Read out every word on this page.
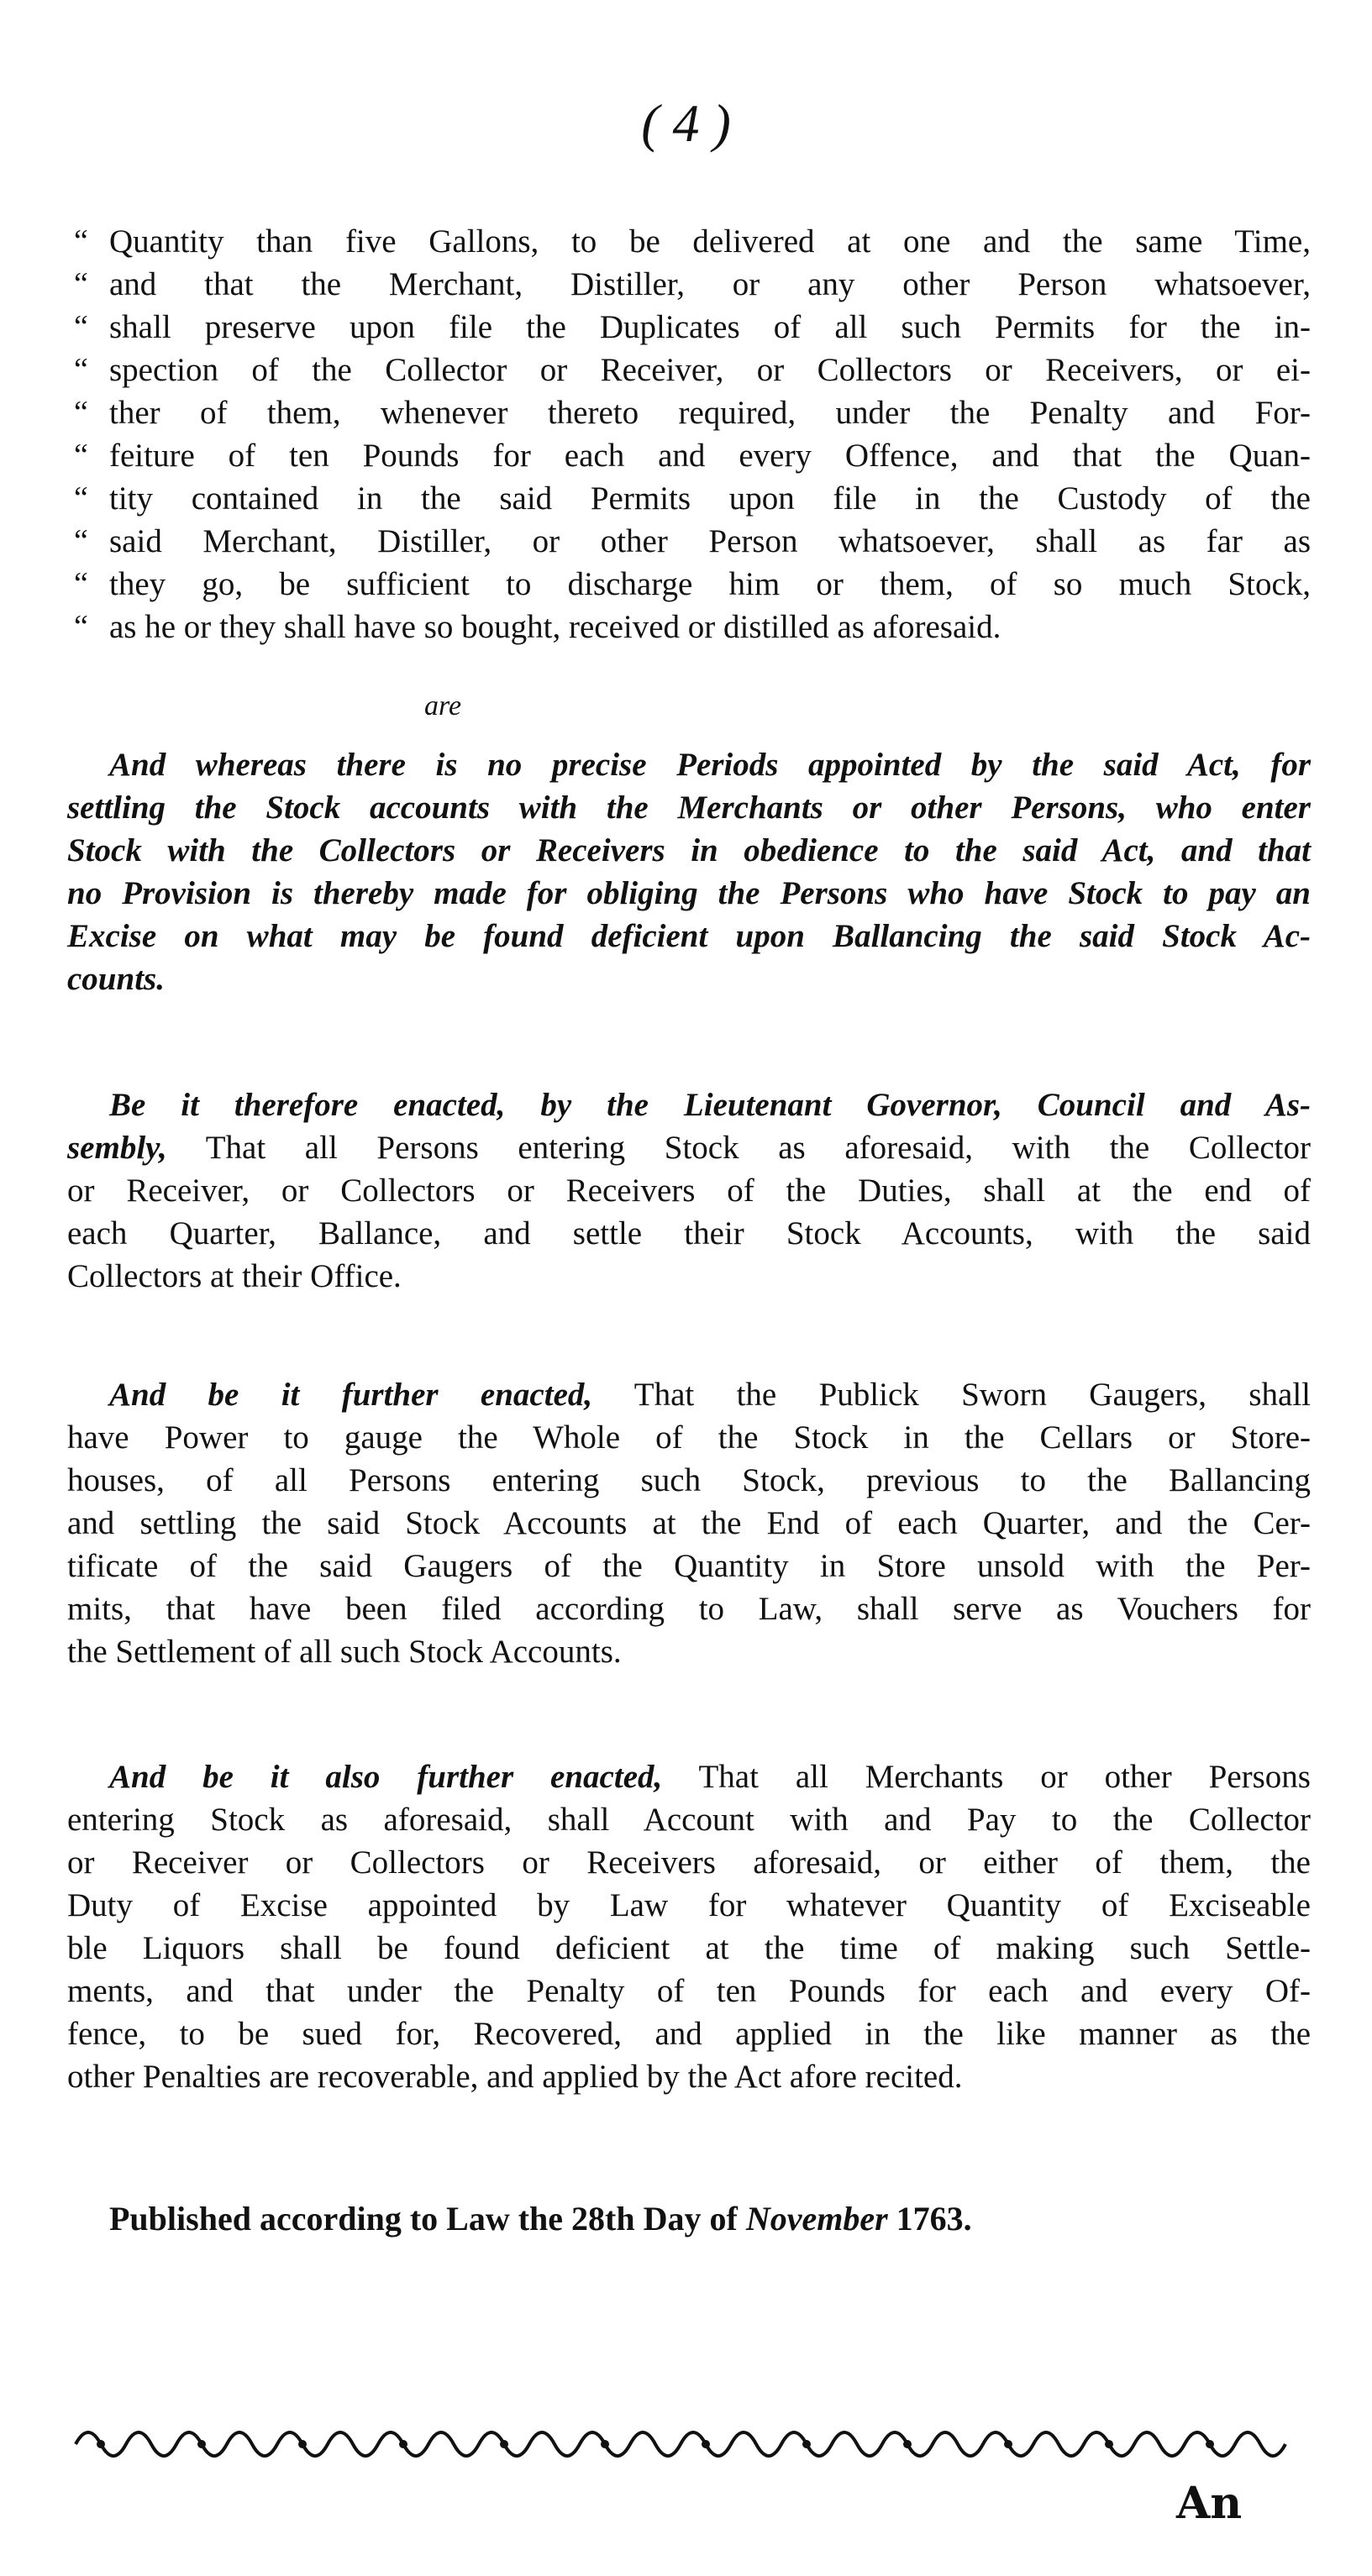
( 4 )
“ Quantity than five Gallons, to be delivered at one and the same Time,
“ and that the Merchant, Distiller, or any other Person whatsoever,
“ shall preserve upon file the Duplicates of all such Permits for the in-
“ spection of the Collector or Receiver, or Collectors or Receivers, or ei-
“ ther of them, whenever thereto required, under the Penalty and For-
“ feiture of ten Pounds for each and every Offence, and that the Quan-
“ tity contained in the said Permits upon file in the Custody of the
“ said Merchant, Distiller, or other Person whatsoever, shall as far as
“ they go, be sufficient to discharge him or them, of so much Stock,
“ as he or they shall have so bought, received or distilled as aforesaid.
are
And whereas there is no precise Periods appointed by the said Act, for
settling the Stock accounts with the Merchants or other Persons, who enter
Stock with the Collectors or Receivers in obedience to the said Act, and that
no Provision is thereby made for obliging the Persons who have Stock to pay an
Excise on what may be found deficient upon Ballancing the said Stock Ac-
counts.
Be it therefore enacted, by the Lieutenant Governor, Council and As-
sembly, That all Persons entering Stock as aforesaid, with the Collector
or Receiver, or Collectors or Receivers of the Duties, shall at the end of
each Quarter, Ballance, and settle their Stock Accounts, with the said
Collectors at their Office.
And be it further enacted, That the Publick Sworn Gaugers, shall
have Power to gauge the Whole of the Stock in the Cellars or Store-
houses, of all Persons entering such Stock, previous to the Ballancing
and settling the said Stock Accounts at the End of each Quarter, and the Cer-
tificate of the said Gaugers of the Quantity in Store unsold with the Per-
mits, that have been filed according to Law, shall serve as Vouchers for
the Settlement of all such Stock Accounts.
And be it also further enacted, That all Merchants or other Persons
entering Stock as aforesaid, shall Account with and Pay to the Collector
or Receiver or Collectors or Receivers aforesaid, or either of them, the
Duty of Excise appointed by Law for whatever Quantity of Exciseable
ble Liquors shall be found deficient at the time of making such Settle-
ments, and that under the Penalty of ten Pounds for each and every Of-
fence, to be sued for, Recovered, and applied in the like manner as the
other Penalties are recoverable, and applied by the Act afore recited.
Published according to Law the 28th Day of November 1763.
An
